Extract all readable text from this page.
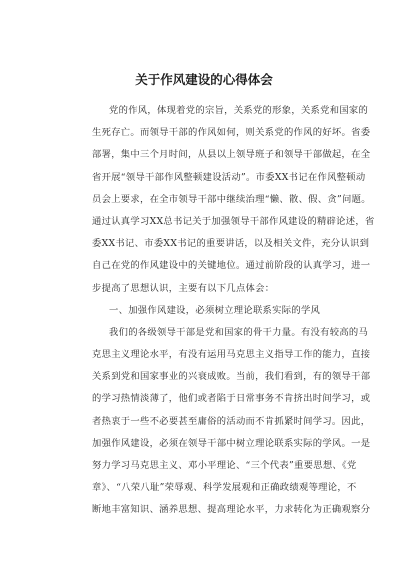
关于作风建设的心得体会
党的作风，体现着党的宗旨，关系党的形象，关系党和国家的
生死存亡。而领导干部的作风如何，则关系党的作风的好坏。省委
部署，集中三个月时间，从县以上领导班子和领导干部做起，在全
省开展“领导干部作风整顿建设活动”。市委XX书记在作风整顿动
员会上要求，在全市领导干部中继续治理“懒、散、假、贪”问题。
通过认真学习XX总书记关于加强领导干部作风建设的精辟论述，省
委XX书记、市委XX书记的重要讲话，以及相关文件，充分认识到
自己在党的作风建设中的关键地位。通过前阶段的认真学习，进一
步提高了思想认识，主要有以下几点体会：
一、加强作风建设，必须树立理论联系实际的学风
我们的各级领导干部是党和国家的骨干力量。有没有较高的马
克思主义理论水平，有没有运用马克思主义指导工作的能力，直接
关系到党和国家事业的兴衰成败。当前，我们看到，有的领导干部
的学习热情淡薄了，他们或者陷于日常事务不肯挤出时间学习，或
者热衷于一些不必要甚至庸俗的活动而不肯抓紧时间学习。因此，
加强作风建设，必须在领导干部中树立理论联系实际的学风。一是
努力学习马克思主义、邓小平理论、“三个代表”重要思想、《党
章》、“八荣八耻”荣辱观、科学发展观和正确政绩观等理论，不
断地丰富知识、涵养思想、提高理论水平，力求转化为正确观察分
